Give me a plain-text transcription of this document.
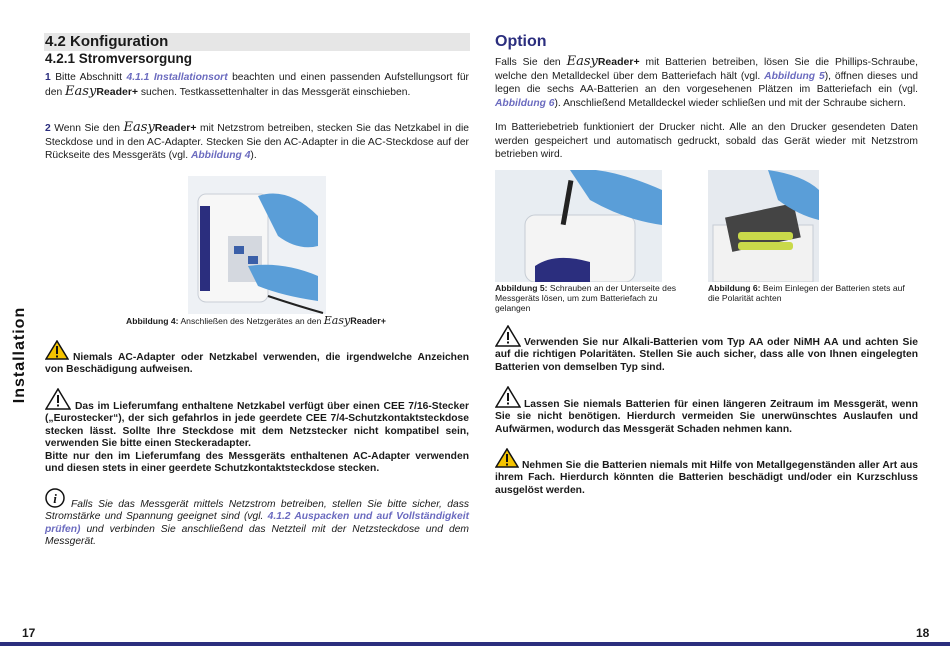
Installation
4.2 Konfiguration
4.2.1 Stromversorgung
1 Bitte Abschnitt 4.1.1 Installationsort beachten und einen passenden Aufstellungsort für den EasyReader+ suchen. Testkassettenhalter in das Messgerät einschieben.
2 Wenn Sie den EasyReader+ mit Netzstrom betreiben, stecken Sie das Netzkabel in die Steckdose und in den AC-Adapter. Stecken Sie den AC-Adapter in die AC-Steckdose auf der Rückseite des Messgeräts (vgl. Abbildung 4).
Abbildung 4: Anschließen des Netzgerätes an den EasyReader+
Niemals AC-Adapter oder Netzkabel verwenden, die irgendwelche Anzeichen von Beschädigung aufweisen.
Das im Lieferumfang enthaltene Netzkabel verfügt über einen CEE 7/16-Stecker („Eurostecker“), der sich gefahrlos in jede geerdete CEE 7/4-Schutzkontaktsteckdose stecken lässt. Sollte Ihre Steckdose mit dem Netzstecker nicht kompatibel sein, verwenden Sie bitte einen Steckeradapter.
Bitte nur den im Lieferumfang des Messgeräts enthaltenen AC-Adapter verwenden und diesen stets in einer geerdete Schutzkontaktsteckdose stecken.
i	Falls Sie das Messgerät mittels Netzstrom betreiben, stellen Sie bitte sicher, dass Stromstärke und Spannung geeignet sind (vgl. 4.1.2 Auspacken und auf Vollständigkeit prüfen) und verbinden Sie anschließend das Netzteil mit der Netzsteckdose und dem Messgerät.
17
Option
Falls Sie den EasyReader+ mit Batterien betreiben, lösen Sie die Phillips-Schraube, welche den Metalldeckel über dem Batteriefach hält (vgl. Abbildung 5), öffnen dieses und legen die sechs AA-Batterien an den vorgesehenen Plätzen im Batteriefach ein (vgl. Abbildung 6). Anschließend Metalldeckel wieder schließen und mit der Schraube sichern.
Im Batteriebetrieb funktioniert der Drucker nicht. Alle an den Drucker gesendeten Daten werden gespeichert und automatisch gedruckt, sobald das Gerät wieder mit Netzstrom betrieben wird.
Abbildung 5: Schrauben an der Unterseite des Messgeräts lösen, um zum Batteriefach zu gelangen
Abbildung 6: Beim Einlegen der Batterien stets auf die Polarität achten
Verwenden Sie nur Alkali-Batterien vom Typ AA oder NiMH AA und achten Sie auf die richtigen Polaritäten. Stellen Sie auch sicher, dass alle von Ihnen eingelegten Batterien von demselben Typ sind.
Lassen Sie niemals Batterien für einen längeren Zeitraum im Messgerät, wenn Sie sie nicht benötigen. Hierdurch vermeiden Sie unerwünschtes Auslaufen und Aufwärmen, wodurch das Messgerät Schaden nehmen kann.
Nehmen Sie die Batterien niemals mit Hilfe von Metallgegenständen aller Art aus ihrem Fach. Hierdurch könnten die Batterien beschädigt und/oder ein Kurzschluss ausgelöst werden.
18
